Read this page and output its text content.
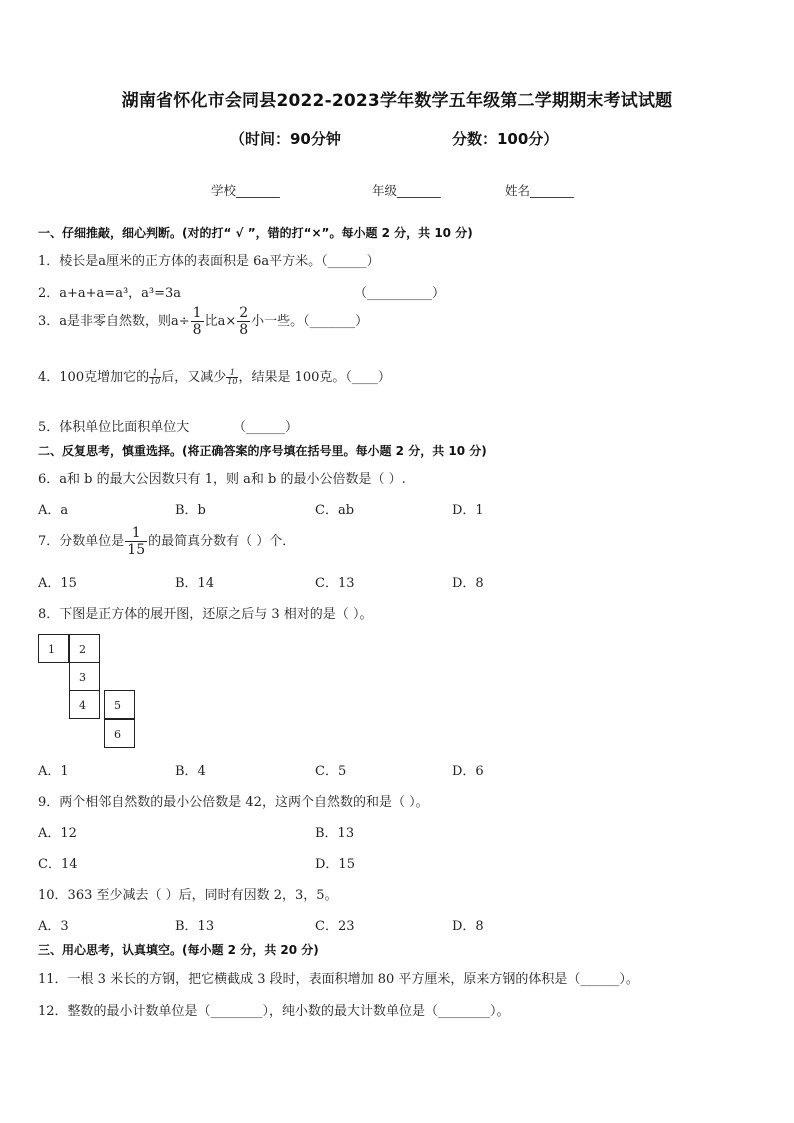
湖南省怀化市会同县2022-2023学年数学五年级第二学期期末考试试题
（时间：90分钟	分数：100分）
学校_______	年级_______	姓名_______
一、仔细推敲，细心判断。(对的打“ √ ”，错的打“×”。每小题 2 分，共 10 分)
1．棱长是a厘米的正方体的表面积是 6a平方米。（______）
2．a+a+a=a³，a³=3a	（__________）
3．a是非零自然数，则$a\div \frac{1}{8}$ 比$a\times \frac{2}{8}$ 小一些。（_______）
4．100克增加它的 $\frac{1}{10}$ 后，又减少 $\frac{1}{10}$ ，结果是 100克。（____）
5．体积单位比面积单位大	（______）
二、反复思考，慎重选择。(将正确答案的序号填在括号里。每小题 2 分，共 10 分)
6．a和 b 的最大公因数只有 1，则 a和 b 的最小公倍数是（ ）.
A．a	B．b	C．ab	D．1
7．分数单位是 $\frac{1}{15}$ 的最简真分数有（ ）个．
A．15	B．14	C．13	D．8
8．下图是正方体的展开图，还原之后与 3 相对的是（ ）。
1	2
3
4	5
6
A．1	B．4	C．5	D．6
9．两个相邻自然数的最小公倍数是 42，这两个自然数的和是（ ）。
A．12	B．13
C．14	D．15
10．363 至少减去（ ）后，同时有因数 2，3，5。
A．3	B．13	C．23	D．8
三、用心思考，认真填空。(每小题 2 分，共 20 分)
11．一根 3 米长的方钢，把它横截成 3 段时，表面积增加 80 平方厘米，原来方钢的体积是（______）。
12．整数的最小计数单位是（________），纯小数的最大计数单位是（________）。
